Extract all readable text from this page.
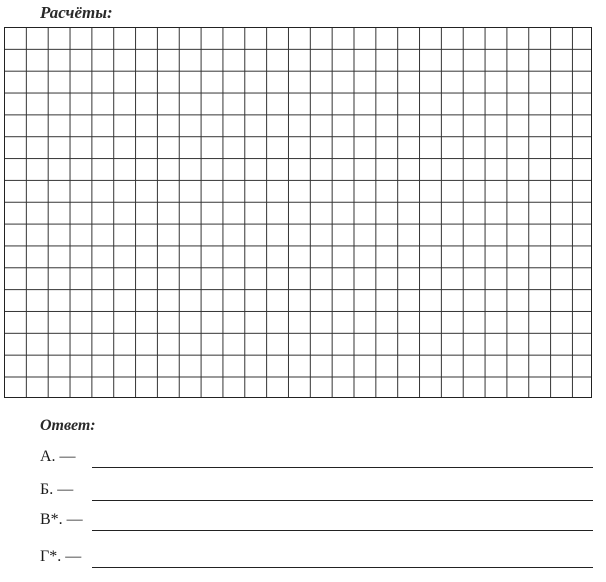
Расчёты:
Ответ:
А. —
Б. —
В*. —
Г*. —
